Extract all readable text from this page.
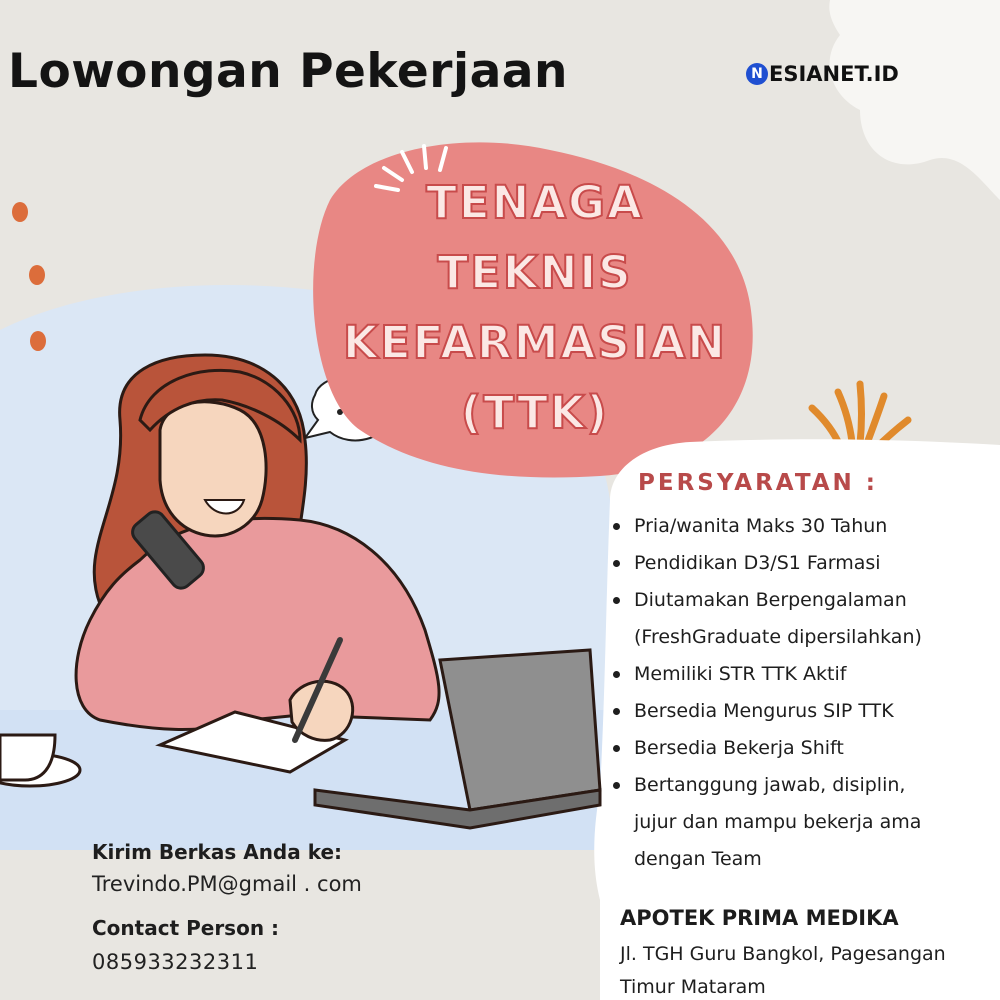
Lowongan Pekerjaan	N ESIANET.ID
TENAGA
TEKNIS
KEFARMASIAN
(TTK)
PERSYARATAN :
Pria/wanita Maks 30 Tahun
Pendidikan D3/S1 Farmasi
Diutamakan Berpengalaman
(FreshGraduate dipersilahkan)
Memiliki STR TTK Aktif
Bersedia Mengurus SIP TTK
Bersedia Bekerja Shift
Bertanggung jawab, disiplin,
jujur dan mampu bekerja ama
dengan Team
Kirim Berkas Anda ke:
Trevindo.PM@gmail . com
Contact Person :
085933232311
APOTEK PRIMA MEDIKA
Jl. TGH Guru Bangkol, Pagesangan
Timur Mataram
